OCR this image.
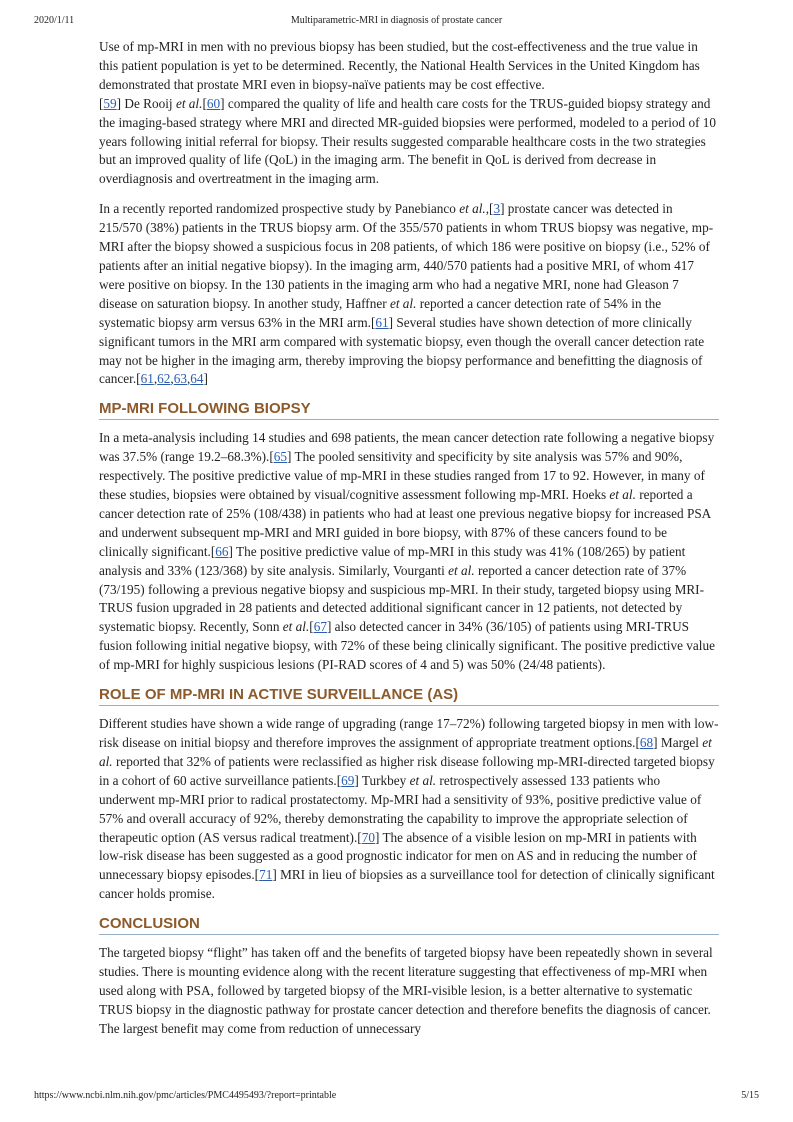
2020/1/11	Multiparametric-MRI in diagnosis of prostate cancer

Use of mp-MRI in men with no previous biopsy has been studied, but the cost-effectiveness and the true value in this patient population is yet to be determined. Recently, the National Health Services in the United Kingdom has demonstrated that prostate MRI even in biopsy-naïve patients may be cost effective.
[59] De Rooij et al.[60] compared the quality of life and health care costs for the TRUS-guided biopsy strategy and the imaging-based strategy where MRI and directed MR-guided biopsies were performed, modeled to a period of 10 years following initial referral for biopsy. Their results suggested comparable healthcare costs in the two strategies but an improved quality of life (QoL) in the imaging arm. The benefit in QoL is derived from decrease in overdiagnosis and overtreatment in the imaging arm.

In a recently reported randomized prospective study by Panebianco et al.,[3] prostate cancer was detected in 215/570 (38%) patients in the TRUS biopsy arm. Of the 355/570 patients in whom TRUS biopsy was negative, mp-MRI after the biopsy showed a suspicious focus in 208 patients, of which 186 were positive on biopsy (i.e., 52% of patients after an initial negative biopsy). In the imaging arm, 440/570 patients had a positive MRI, of whom 417 were positive on biopsy. In the 130 patients in the imaging arm who had a negative MRI, none had Gleason 7 disease on saturation biopsy. In another study, Haffner et al. reported a cancer detection rate of 54% in the systematic biopsy arm versus 63% in the MRI arm.[61] Several studies have shown detection of more clinically significant tumors in the MRI arm compared with systematic biopsy, even though the overall cancer detection rate may not be higher in the imaging arm, thereby improving the biopsy performance and benefitting the diagnosis of cancer.[61,62,63,64]

MP-MRI FOLLOWING BIOPSY

In a meta-analysis including 14 studies and 698 patients, the mean cancer detection rate following a negative biopsy was 37.5% (range 19.2–68.3%).[65] The pooled sensitivity and specificity by site analysis was 57% and 90%, respectively. The positive predictive value of mp-MRI in these studies ranged from 17 to 92. However, in many of these studies, biopsies were obtained by visual/cognitive assessment following mp-MRI. Hoeks et al. reported a cancer detection rate of 25% (108/438) in patients who had at least one previous negative biopsy for increased PSA and underwent subsequent mp-MRI and MRI guided in bore biopsy, with 87% of these cancers found to be clinically significant.[66] The positive predictive value of mp-MRI in this study was 41% (108/265) by patient analysis and 33% (123/368) by site analysis. Similarly, Vourganti et al. reported a cancer detection rate of 37% (73/195) following a previous negative biopsy and suspicious mp-MRI. In their study, targeted biopsy using MRI-TRUS fusion upgraded in 28 patients and detected additional significant cancer in 12 patients, not detected by systematic biopsy. Recently, Sonn et al.[67] also detected cancer in 34% (36/105) of patients using MRI-TRUS fusion following initial negative biopsy, with 72% of these being clinically significant. The positive predictive value of mp-MRI for highly suspicious lesions (PI-RAD scores of 4 and 5) was 50% (24/48 patients).

ROLE OF MP-MRI IN ACTIVE SURVEILLANCE (AS)

Different studies have shown a wide range of upgrading (range 17–72%) following targeted biopsy in men with low-risk disease on initial biopsy and therefore improves the assignment of appropriate treatment options.[68] Margel et al. reported that 32% of patients were reclassified as higher risk disease following mp-MRI-directed targeted biopsy in a cohort of 60 active surveillance patients.[69] Turkbey et al. retrospectively assessed 133 patients who underwent mp-MRI prior to radical prostatectomy. Mp-MRI had a sensitivity of 93%, positive predictive value of 57% and overall accuracy of 92%, thereby demonstrating the capability to improve the appropriate selection of therapeutic option (AS versus radical treatment).[70] The absence of a visible lesion on mp-MRI in patients with low-risk disease has been suggested as a good prognostic indicator for men on AS and in reducing the number of unnecessary biopsy episodes.[71] MRI in lieu of biopsies as a surveillance tool for detection of clinically significant cancer holds promise.

CONCLUSION

The targeted biopsy “flight” has taken off and the benefits of targeted biopsy have been repeatedly shown in several studies. There is mounting evidence along with the recent literature suggesting that effectiveness of mp-MRI when used along with PSA, followed by targeted biopsy of the MRI-visible lesion, is a better alternative to systematic TRUS biopsy in the diagnostic pathway for prostate cancer detection and therefore benefits the diagnosis of cancer. The largest benefit may come from reduction of unnecessary

https://www.ncbi.nlm.nih.gov/pmc/articles/PMC4495493/?report=printable	5/15
